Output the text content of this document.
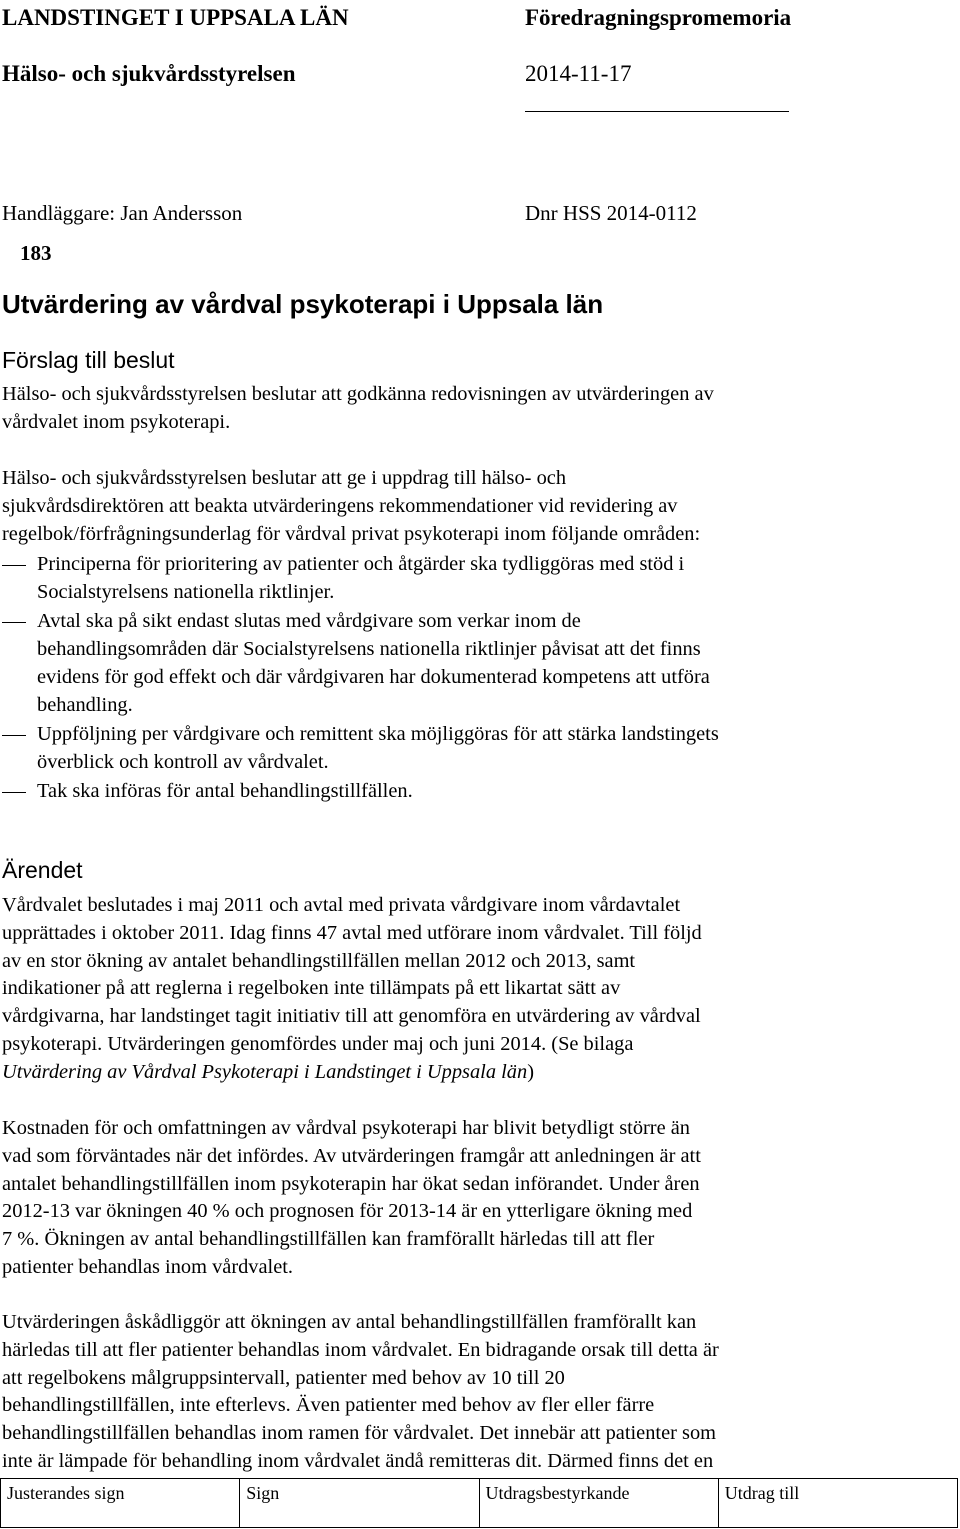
LANDSTINGET I UPPSALA LÄN	Föredragningspromemoria
Hälso- och sjukvårdsstyrelsen	2014-11-17
Handläggare: Jan Andersson	Dnr HSS 2014-0112
183
Utvärdering av vårdval psykoterapi i Uppsala län
Förslag till beslut
Hälso- och sjukvårdsstyrelsen beslutar att godkänna redovisningen av utvärderingen av
vårdvalet inom psykoterapi.
Hälso- och sjukvårdsstyrelsen beslutar att ge i uppdrag till hälso- och
sjukvårdsdirektören att beakta utvärderingens rekommendationer vid revidering av
regelbok/förfrågningsunderlag för vårdval privat psykoterapi inom följande områden:
Principerna för prioritering av patienter och åtgärder ska tydliggöras med stöd i
Socialstyrelsens nationella riktlinjer.
Avtal ska på sikt endast slutas med vårdgivare som verkar inom de
behandlingsområden där Socialstyrelsens nationella riktlinjer påvisat att det finns
evidens för god effekt och där vårdgivaren har dokumenterad kompetens att utföra
behandling.
Uppföljning per vårdgivare och remittent ska möjliggöras för att stärka landstingets
överblick och kontroll av vårdvalet.
Tak ska införas för antal behandlingstillfällen.
Ärendet
Vårdvalet beslutades i maj 2011 och avtal med privata vårdgivare inom vårdavtalet
upprättades i oktober 2011. Idag finns 47 avtal med utförare inom vårdvalet. Till följd
av en stor ökning av antalet behandlingstillfällen mellan 2012 och 2013, samt
indikationer på att reglerna i regelboken inte tillämpats på ett likartat sätt av
vårdgivarna, har landstinget tagit initiativ till att genomföra en utvärdering av vårdval
psykoterapi. Utvärderingen genomfördes under maj och juni 2014. (Se bilaga
Utvärdering av Vårdval Psykoterapi i Landstinget i Uppsala län)
Kostnaden för och omfattningen av vårdval psykoterapi har blivit betydligt större än
vad som förväntades när det infördes. Av utvärderingen framgår att anledningen är att
antalet behandlingstillfällen inom psykoterapin har ökat sedan införandet. Under åren
2012-13 var ökningen 40 % och prognosen för 2013-14 är en ytterligare ökning med
7 %. Ökningen av antal behandlingstillfällen kan framförallt härledas till att fler
patienter behandlas inom vårdvalet.
Utvärderingen åskådliggör att ökningen av antal behandlingstillfällen framförallt kan
härledas till att fler patienter behandlas inom vårdvalet. En bidragande orsak till detta är
att regelbokens målgruppsintervall, patienter med behov av 10 till 20
behandlingstillfällen, inte efterlevs. Även patienter med behov av fler eller färre
behandlingstillfällen behandlas inom ramen för vårdvalet. Det innebär att patienter som
inte är lämpade för behandling inom vårdvalet ändå remitteras dit. Därmed finns det en
Justerandes sign	Sign	Utdragsbestyrkande	Utdrag till
